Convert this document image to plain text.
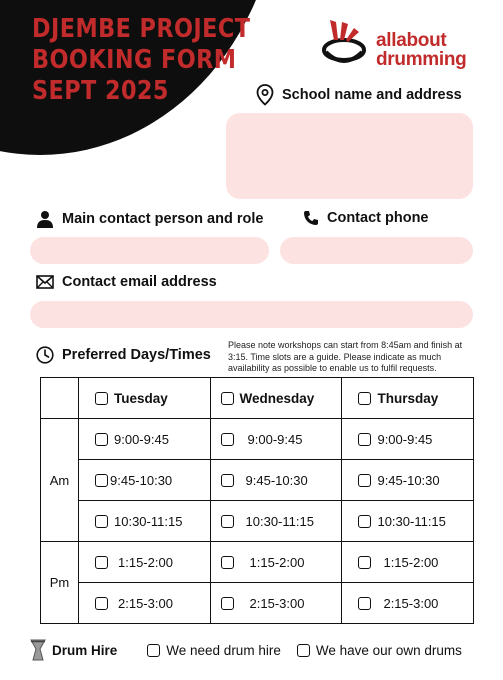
DJEMBE PROJECT
BOOKING FORM
SEPT 2025
allabout
drumming
School name and address
Main contact person and role	Contact phone
Contact email address
Preferred Days/Times
Please note workshops can start from 8:45am and finish at 3:15. Time slots are a guide. Please indicate as much availability as possible to enable us to fulfil requests.

	Tuesday	Wednesday	Thursday

Am	9:00-9:45	9:00-9:45	9:00-9:45

	9:45-10:30	9:45-10:30	9:45-10:30

	10:30-11:15	10:30-11:15	10:30-11:15

Pm	1:15-2:00	1:15-2:00	1:15-2:00

	2:15-3:00	2:15-3:00	2:15-3:00
Drum Hire	We need drum hire	We have our own drums
